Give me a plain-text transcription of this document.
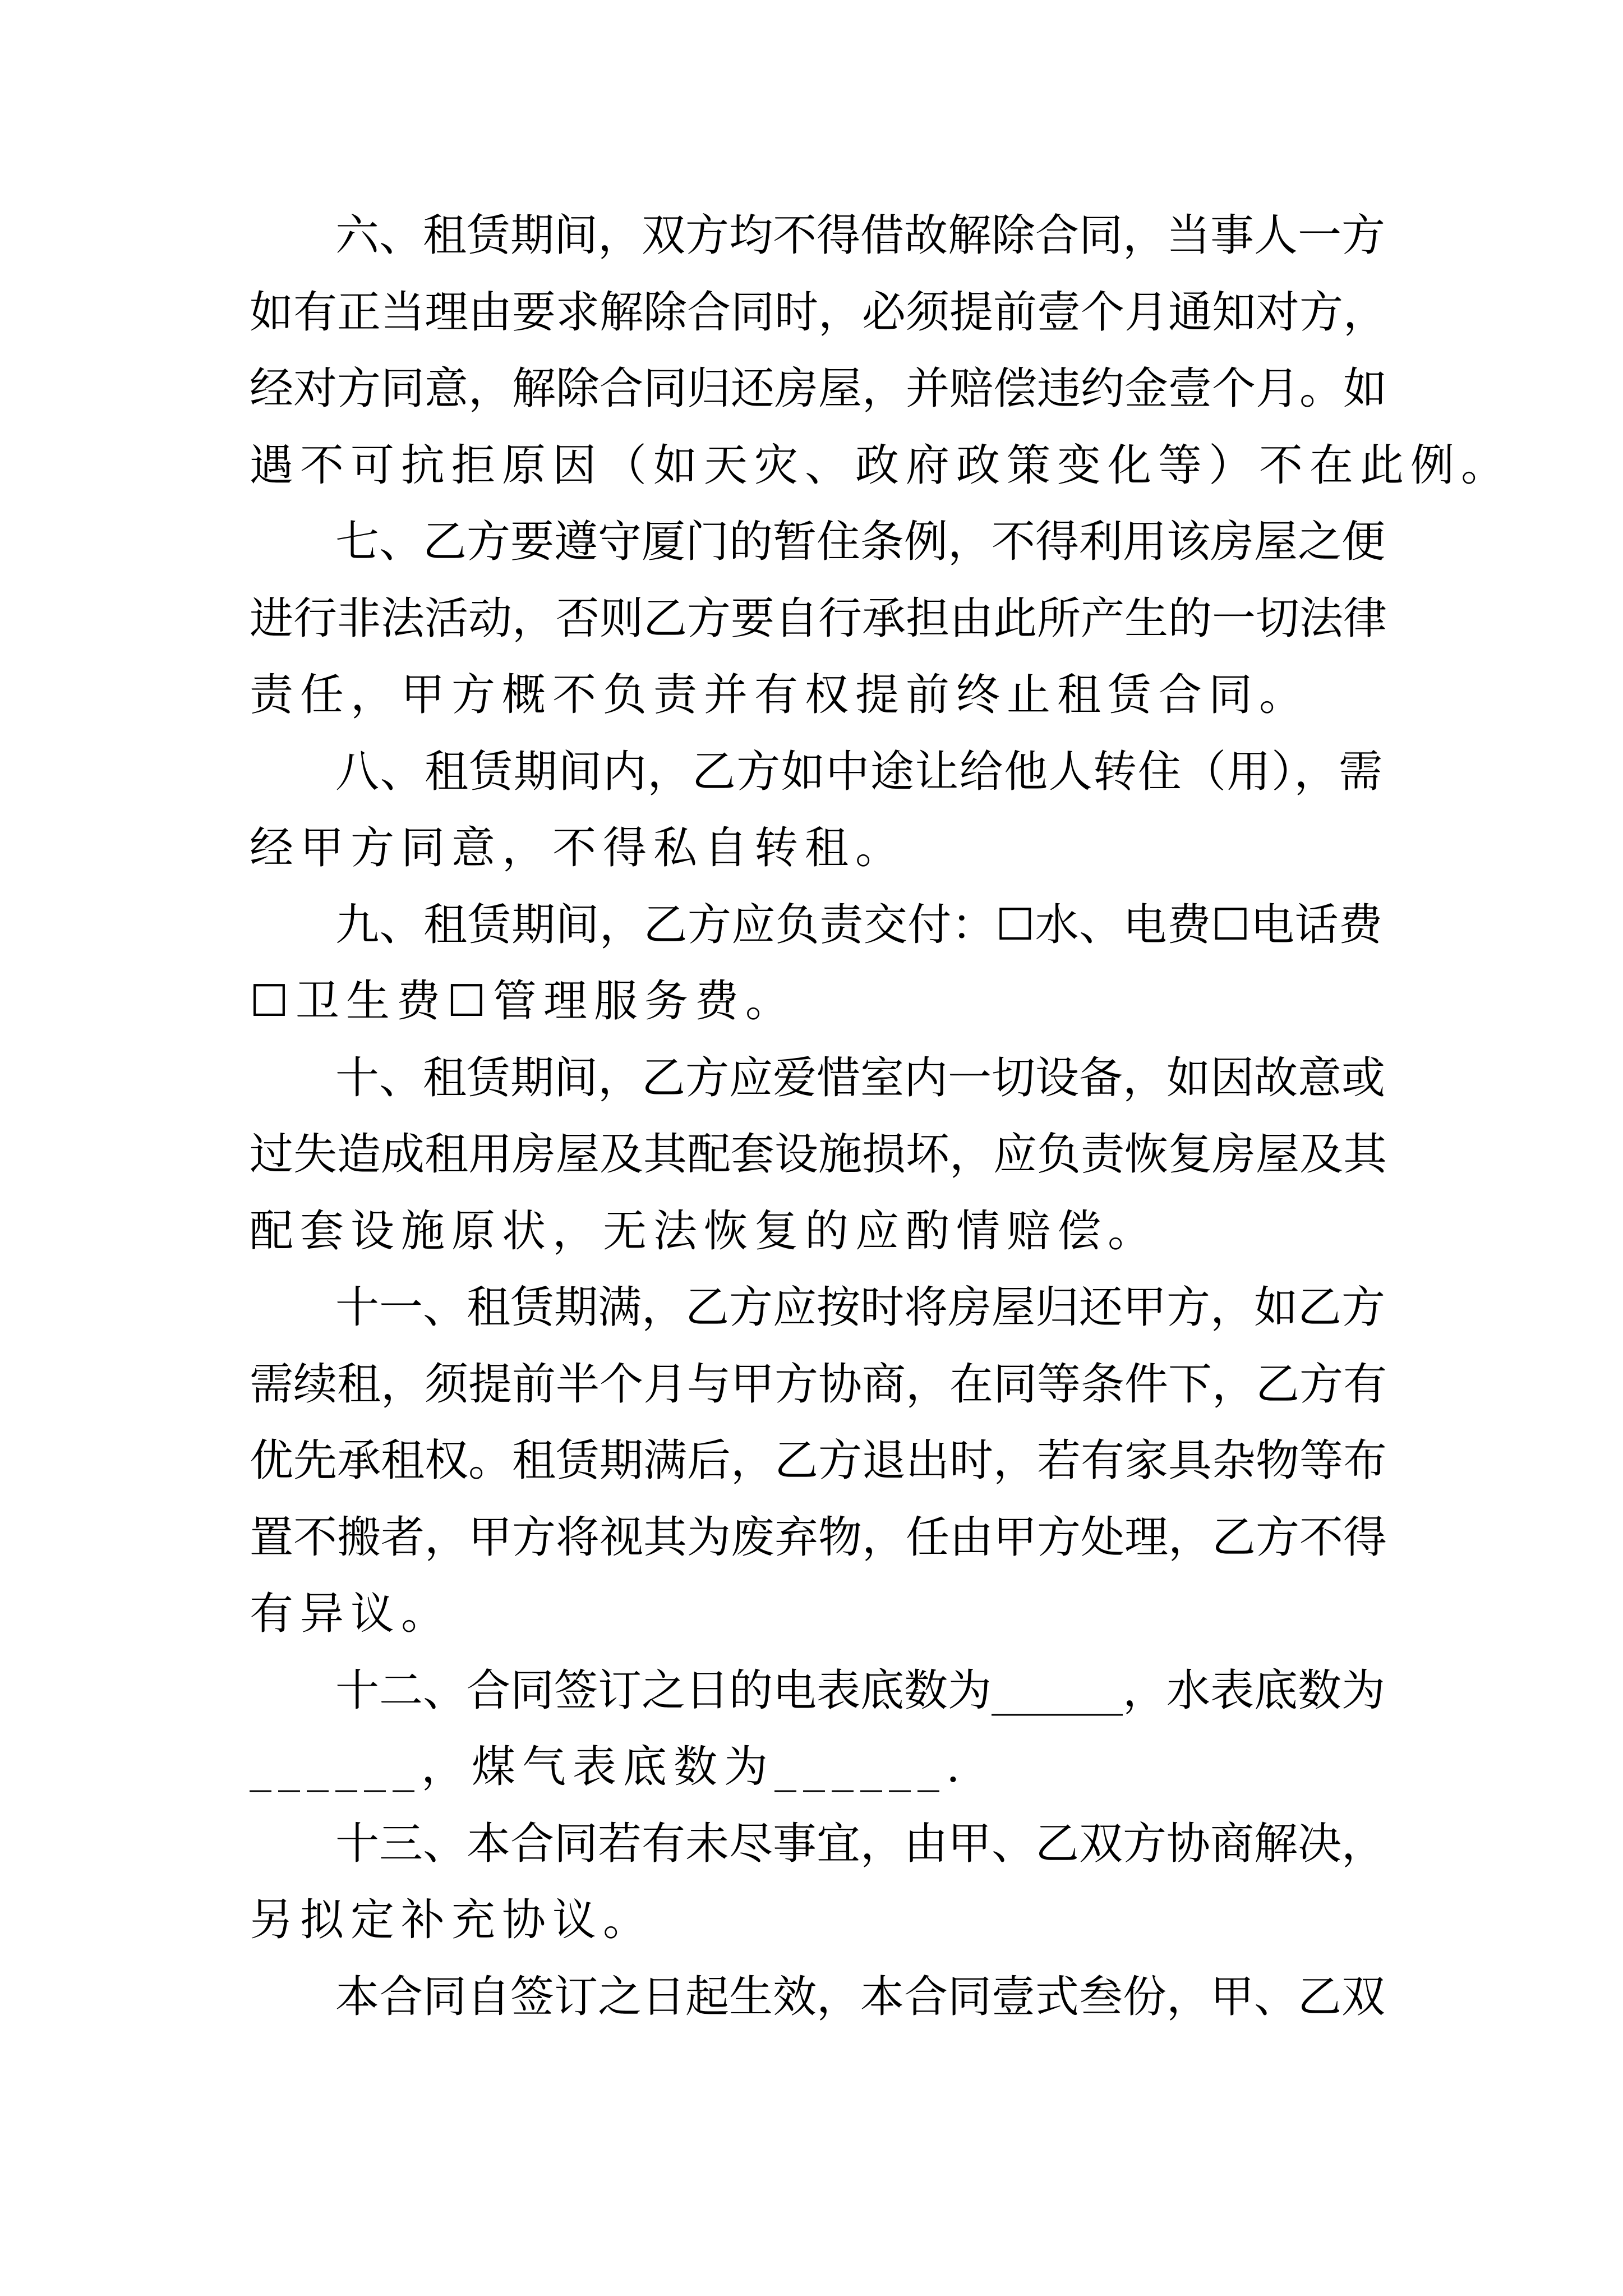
六、租赁期间，双方均不得借故解除合同，当事人一方
如有正当理由要求解除合同时，必须提前壹个月通知对方，
经对方同意，解除合同归还房屋，并赔偿违约金壹个月。如
遇不可抗拒原因（如天灾、政府政策变化等）不在此例。
七、乙方要遵守厦门的暂住条例，不得利用该房屋之便
进行非法活动，否则乙方要自行承担由此所产生的一切法律
责任，甲方概不负责并有权提前终止租赁合同。
八、租赁期间内，乙方如中途让给他人转住（用），需
经甲方同意，不得私自转租。
九、租赁期间，乙方应负责交付：☐水、电费☐电话费
☐卫生费☐管理服务费。
十、租赁期间，乙方应爱惜室内一切设备，如因故意或
过失造成租用房屋及其配套设施损坏，应负责恢复房屋及其
配套设施原状，无法恢复的应酌情赔偿。
十一、租赁期满，乙方应按时将房屋归还甲方，如乙方
需续租，须提前半个月与甲方协商，在同等条件下，乙方有
优先承租权。租赁期满后，乙方退出时，若有家具杂物等布
置不搬者，甲方将视其为废弃物，任由甲方处理，乙方不得
有异议。
十二、合同签订之日的电表底数为______，水表底数为
______，煤气表底数为______.
十三、本合同若有未尽事宜，由甲、乙双方协商解决，
另拟定补充协议。
本合同自签订之日起生效，本合同壹式叁份，甲、乙双
